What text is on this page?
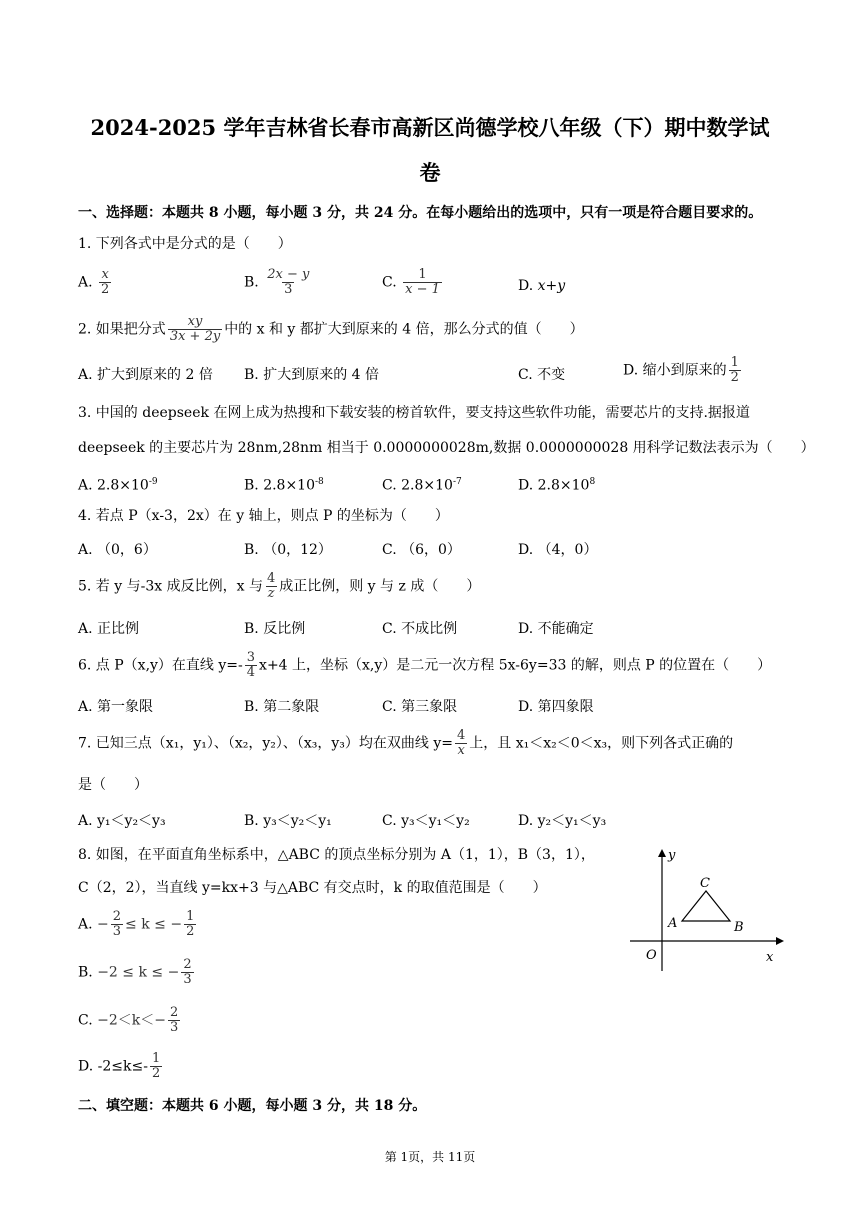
2024-2025 学年吉林省长春市高新区尚德学校八年级（下）期中数学试
卷
一、选择题：本题共 8 小题，每小题 3 分，共 24 分。在每小题给出的选项中，只有一项是符合题目要求的。
1. 下列各式中是分式的是（　　）
A. $\frac{x}{2}$	B. $\frac{2x - y}{3}$	C. $\frac{1}{x - 1}$	D. x+y
2. 如果把分式 $\frac{xy}{3x + 2y}$ 中的 x 和 y 都扩大到原来的 4 倍，那么分式的值（　　）
A. 扩大到原来的 2 倍 B. 扩大到原来的 4 倍	C. 不变	D. 缩小到原来的 $\frac{1}{2}$
3. 中国的 deepseek 在网上成为热搜和下载安装的榜首软件，要支持这些软件功能，需要芯片的支持.据报道
deepseek 的主要芯片为 28nm,28nm 相当于 0.0000000028m,数据 0.0000000028 用科学记数法表示为（　　）
A. $2.8\times 10^{-9}$	B. $2.8\times 10^{-8}$	C. $2.8\times 10^{-7}$	D. $2.8\times 10^8$
4. 若点 P（x-3，2x）在 y 轴上，则点 P 的坐标为（　　）
A. （0，6）	B. （0，12）	C. （6，0）	D. （4，0）
5. 若 y 与-3x 成反比例，x 与 $\frac{4}{z}$ 成正比例，则 y 与 z 成（　　）
A. 正比例	B. 反比例	C. 不成比例	D. 不能确定
6. 点 P（x,y）在直线 $y=- \frac{3}{4} x+4$ 上，坐标（x,y）是二元一次方程 5x-6y=33 的解，则点 P 的位置在（　　）
A. 第一象限	B. 第二象限	C. 第三象限	D. 第四象限
7. 已知三点（x₁，y₁）、（x₂，y₂）、（x₃，y₃）均在双曲线 $y= \frac{4}{x}$ 上，且 x₁＜x₂＜0＜x₃，则下列各式正确的
是（　　）
A. y₁＜y₂＜y₃	B. y₃＜y₂＜y₁	C. y₃＜y₁＜y₂	D. y₂＜y₁＜y₃
8. 如图，在平面直角坐标系中，△ABC 的顶点坐标分别为 A（1，1），B（3，1），
C（2，2），当直线 y=kx+3 与△ABC 有交点时，k 的取值范围是（　　）
A. − $\frac{2}{3} \le k$ ≤ − $\frac{1}{2}$
B. −2 ≤ k ≤ − $\frac{2}{3}$
C. $-2<k<- \frac{2}{3}$
D. $-2\le k\le- \frac{1}{2}$
y
x
O
A	B
C
二、填空题：本题共 6 小题，每小题 3 分，共 18 分。
第 1页，共 11页
